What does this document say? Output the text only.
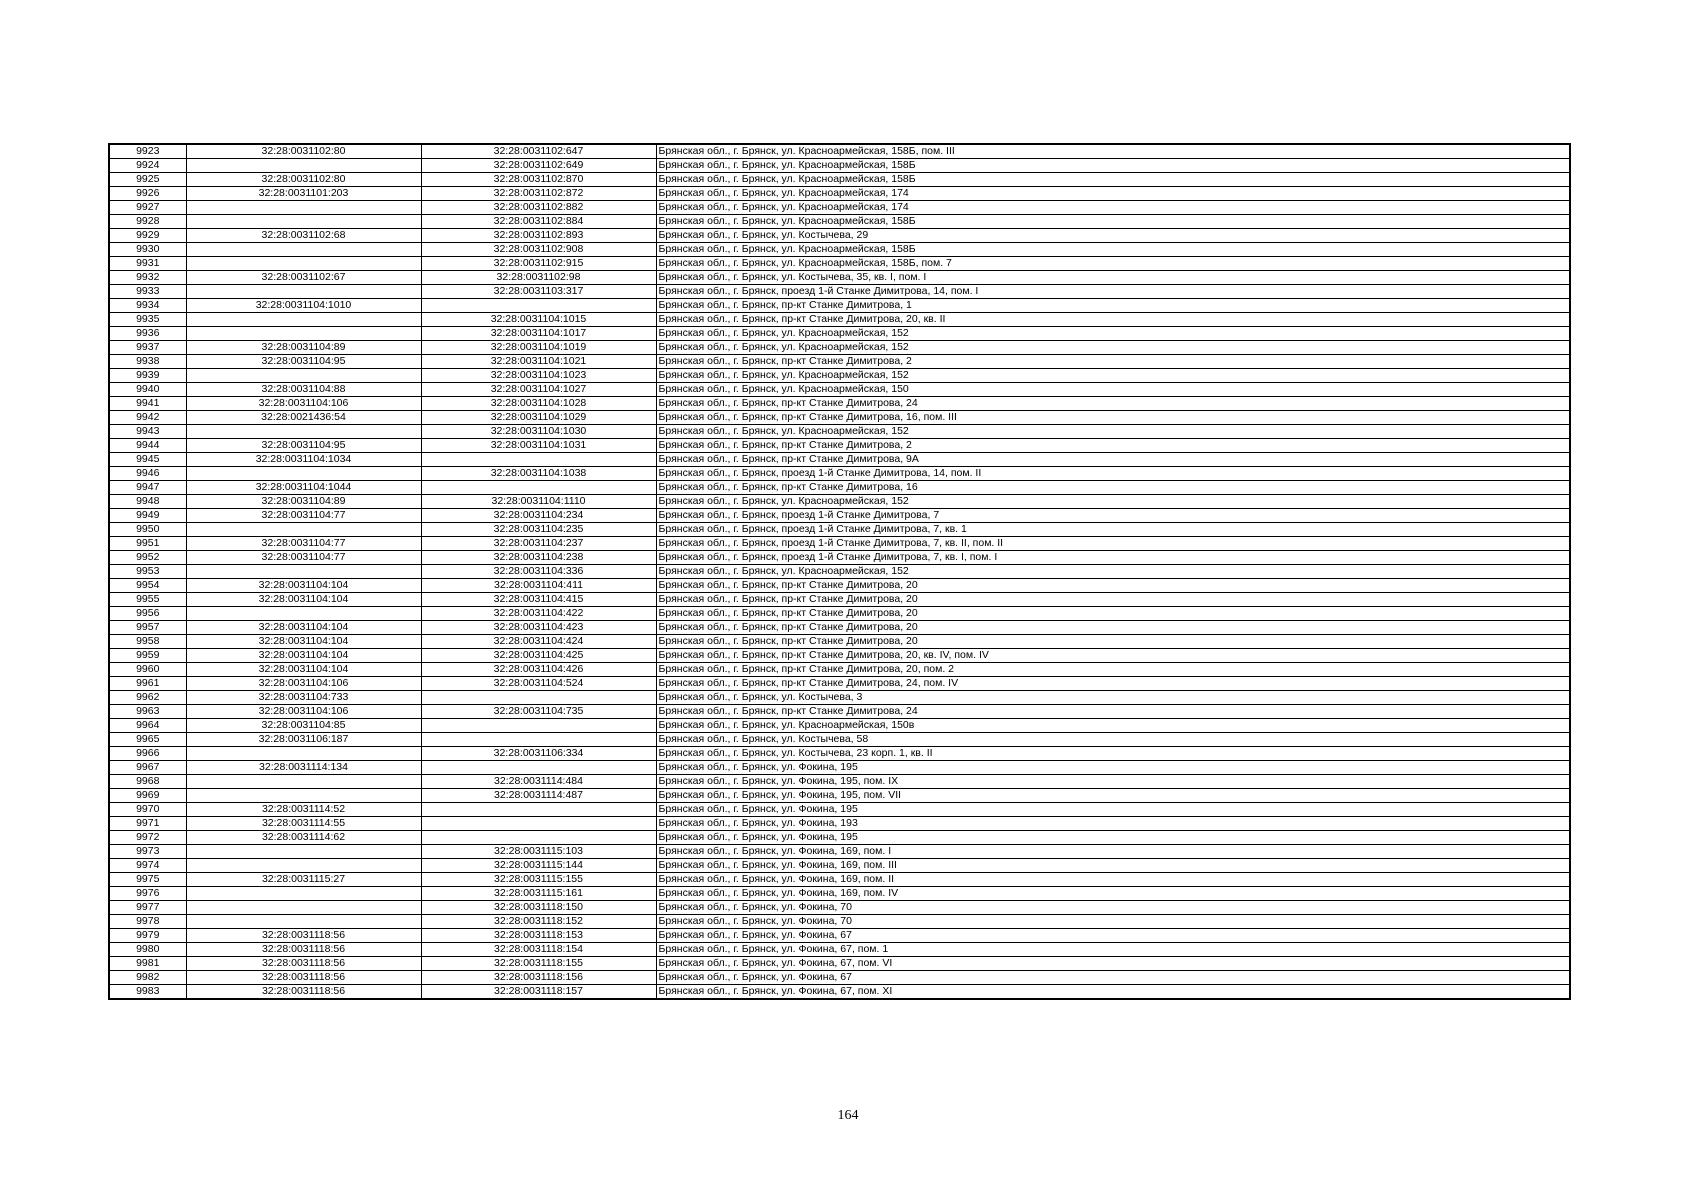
9923	32:28:0031102:80	32:28:0031102:647	Брянская обл., г. Брянск, ул. Красноармейская, 158Б, пом. III
9924		32:28:0031102:649	Брянская обл., г. Брянск, ул. Красноармейская, 158Б
9925	32:28:0031102:80	32:28:0031102:870	Брянская обл., г. Брянск, ул. Красноармейская, 158Б
9926	32:28:0031101:203	32:28:0031102:872	Брянская обл., г. Брянск, ул. Красноармейская, 174
9927		32:28:0031102:882	Брянская обл., г. Брянск, ул. Красноармейская, 174
9928		32:28:0031102:884	Брянская обл., г. Брянск, ул. Красноармейская, 158Б
9929	32:28:0031102:68	32:28:0031102:893	Брянская обл., г. Брянск, ул. Костычева, 29
9930		32:28:0031102:908	Брянская обл., г. Брянск, ул. Красноармейская, 158Б
9931		32:28:0031102:915	Брянская обл., г. Брянск, ул. Красноармейская, 158Б, пом. 7
9932	32:28:0031102:67	32:28:0031102:98	Брянская обл., г. Брянск, ул. Костычева, 35, кв. I, пом. I
9933		32:28:0031103:317	Брянская обл., г. Брянск, проезд 1-й Станке Димитрова, 14, пом. I
9934	32:28:0031104:1010		Брянская обл., г. Брянск, пр-кт Станке Димитрова, 1
9935		32:28:0031104:1015	Брянская обл., г. Брянск, пр-кт Станке Димитрова, 20, кв. II
9936		32:28:0031104:1017	Брянская обл., г. Брянск, ул. Красноармейская, 152
9937	32:28:0031104:89	32:28:0031104:1019	Брянская обл., г. Брянск, ул. Красноармейская, 152
9938	32:28:0031104:95	32:28:0031104:1021	Брянская обл., г. Брянск, пр-кт Станке Димитрова, 2
9939		32:28:0031104:1023	Брянская обл., г. Брянск, ул. Красноармейская, 152
9940	32:28:0031104:88	32:28:0031104:1027	Брянская обл., г. Брянск, ул. Красноармейская, 150
9941	32:28:0031104:106	32:28:0031104:1028	Брянская обл., г. Брянск, пр-кт Станке Димитрова, 24
9942	32:28:0021436:54	32:28:0031104:1029	Брянская обл., г. Брянск, пр-кт Станке Димитрова, 16, пом. III
9943		32:28:0031104:1030	Брянская обл., г. Брянск, ул. Красноармейская, 152
9944	32:28:0031104:95	32:28:0031104:1031	Брянская обл., г. Брянск, пр-кт Станке Димитрова, 2
9945	32:28:0031104:1034		Брянская обл., г. Брянск, пр-кт Станке Димитрова, 9А
9946		32:28:0031104:1038	Брянская обл., г. Брянск, проезд 1-й Станке Димитрова, 14, пом. II
9947	32:28:0031104:1044		Брянская обл., г. Брянск, пр-кт Станке Димитрова, 16
9948	32:28:0031104:89	32:28:0031104:1110	Брянская обл., г. Брянск, ул. Красноармейская, 152
9949	32:28:0031104:77	32:28:0031104:234	Брянская обл., г. Брянск, проезд 1-й Станке Димитрова, 7
9950		32:28:0031104:235	Брянская обл., г. Брянск, проезд 1-й Станке Димитрова, 7, кв. 1
9951	32:28:0031104:77	32:28:0031104:237	Брянская обл., г. Брянск, проезд 1-й Станке Димитрова, 7, кв. II, пом. II
9952	32:28:0031104:77	32:28:0031104:238	Брянская обл., г. Брянск, проезд 1-й Станке Димитрова, 7, кв. I, пом. I
9953		32:28:0031104:336	Брянская обл., г. Брянск, ул. Красноармейская, 152
9954	32:28:0031104:104	32:28:0031104:411	Брянская обл., г. Брянск, пр-кт Станке Димитрова, 20
9955	32:28:0031104:104	32:28:0031104:415	Брянская обл., г. Брянск, пр-кт Станке Димитрова, 20
9956		32:28:0031104:422	Брянская обл., г. Брянск, пр-кт Станке Димитрова, 20
9957	32:28:0031104:104	32:28:0031104:423	Брянская обл., г. Брянск, пр-кт Станке Димитрова, 20
9958	32:28:0031104:104	32:28:0031104:424	Брянская обл., г. Брянск, пр-кт Станке Димитрова, 20
9959	32:28:0031104:104	32:28:0031104:425	Брянская обл., г. Брянск, пр-кт Станке Димитрова, 20, кв. IV, пом. IV
9960	32:28:0031104:104	32:28:0031104:426	Брянская обл., г. Брянск, пр-кт Станке Димитрова, 20, пом. 2
9961	32:28:0031104:106	32:28:0031104:524	Брянская обл., г. Брянск, пр-кт Станке Димитрова, 24, пом. IV
9962	32:28:0031104:733		Брянская обл., г. Брянск, ул. Костычева, 3
9963	32:28:0031104:106	32:28:0031104:735	Брянская обл., г. Брянск, пр-кт Станке Димитрова, 24
9964	32:28:0031104:85		Брянская обл., г. Брянск, ул. Красноармейская, 150в
9965	32:28:0031106:187		Брянская обл., г. Брянск, ул. Костычева, 58
9966		32:28:0031106:334	Брянская обл., г. Брянск, ул. Костычева, 23 корп. 1, кв. II
9967	32:28:0031114:134		Брянская обл., г. Брянск, ул. Фокина, 195
9968		32:28:0031114:484	Брянская обл., г. Брянск, ул. Фокина, 195, пом. IX
9969		32:28:0031114:487	Брянская обл., г. Брянск, ул. Фокина, 195, пом. VII
9970	32:28:0031114:52		Брянская обл., г. Брянск, ул. Фокина, 195
9971	32:28:0031114:55		Брянская обл., г. Брянск, ул. Фокина, 193
9972	32:28:0031114:62		Брянская обл., г. Брянск, ул. Фокина, 195
9973		32:28:0031115:103	Брянская обл., г. Брянск, ул. Фокина, 169, пом. I
9974		32:28:0031115:144	Брянская обл., г. Брянск, ул. Фокина, 169, пом. III
9975	32:28:0031115:27	32:28:0031115:155	Брянская обл., г. Брянск, ул. Фокина, 169, пом. II
9976		32:28:0031115:161	Брянская обл., г. Брянск, ул. Фокина, 169, пом. IV
9977		32:28:0031118:150	Брянская обл., г. Брянск, ул. Фокина, 70
9978		32:28:0031118:152	Брянская обл., г. Брянск, ул. Фокина, 70
9979	32:28:0031118:56	32:28:0031118:153	Брянская обл., г. Брянск, ул. Фокина, 67
9980	32:28:0031118:56	32:28:0031118:154	Брянская обл., г. Брянск, ул. Фокина, 67, пом. 1
9981	32:28:0031118:56	32:28:0031118:155	Брянская обл., г. Брянск, ул. Фокина, 67, пом. VI
9982	32:28:0031118:56	32:28:0031118:156	Брянская обл., г. Брянск, ул. Фокина, 67
9983	32:28:0031118:56	32:28:0031118:157	Брянская обл., г. Брянск, ул. Фокина, 67, пом. XI
164
